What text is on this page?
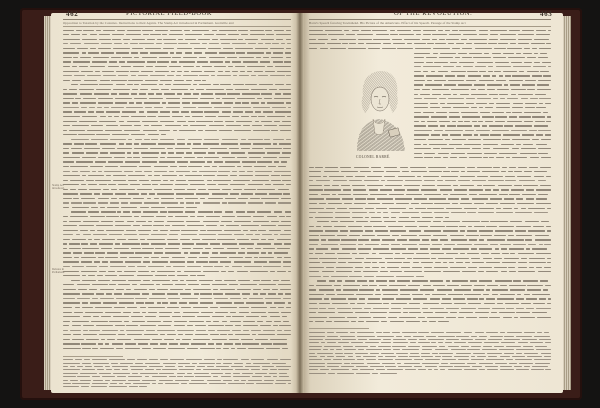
462	PICTORIAL FIELD-BOOK
Opposition to Taxation by the Colonies. Instructions to their Agents. The Stamp Act introduced in Parliament. Grenville and
OF THE REVOLUTION.	463
Barré's Speech favoring Townshend. His Picture of the Americans. Effect of his Speech. Passage of the Stamp Act
Stamp Act introduced.
Debates in Parliament.
COLONEL BARRÉ.
